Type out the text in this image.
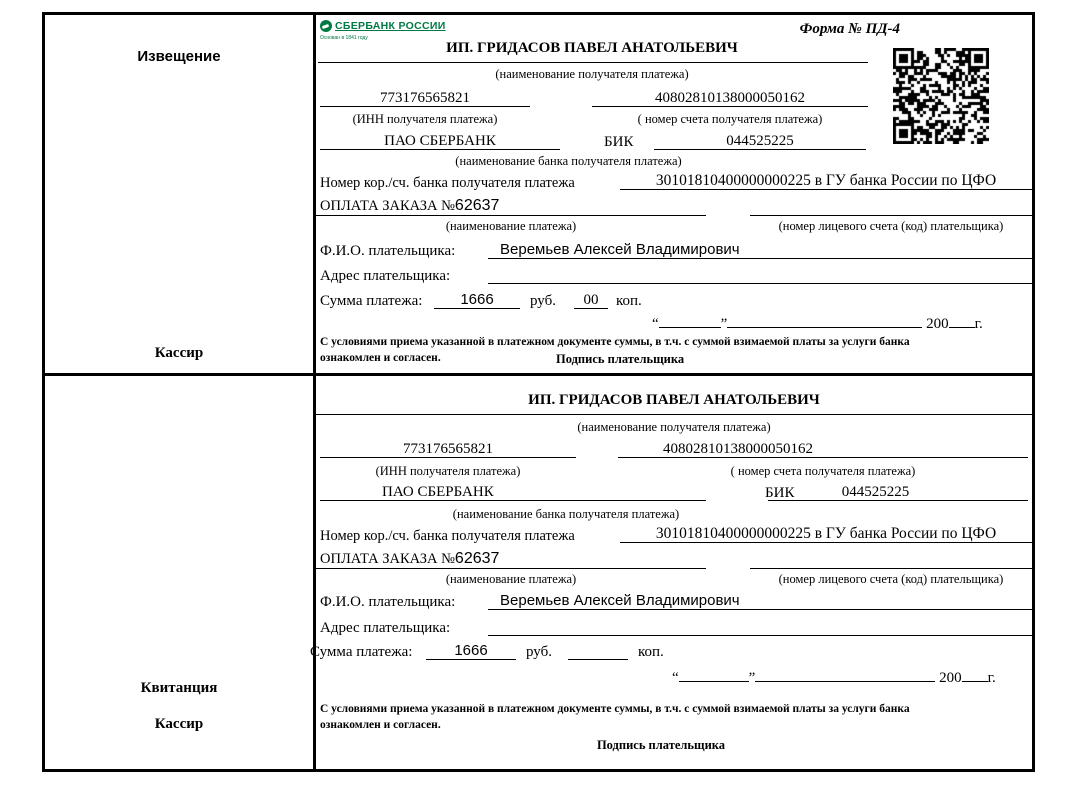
Извещение
Кассир
СБЕРБАНК РОССИИ
Основан в 1841 году
Форма № ПД-4
ИП. ГРИДАСОВ ПАВЕЛ АНАТОЛЬЕВИЧ
(наименование получателя платежа)
773176565821	40802810138000050162
(ИНН получателя платежа)	( номер счета получателя платежа)
ПАО СБЕРБАНК	БИК	044525225
(наименование банка получателя платежа)
Номер кор./сч. банка получателя платежа	30101810400000000225 в ГУ банка России по ЦФО
ОПЛАТА ЗАКАЗА №62637
(наименование платежа)	(номер лицевого счета (код) плательщика)
Ф.И.О. плательщика:	Веремьев Алексей Владимирович
Адрес плательщика:
Сумма платежа:	1666	руб.	00	коп.
“	”	200 г.
С условиями приема указанной в платежном документе суммы, в т.ч. с суммой взимаемой платы за услуги банка
ознакомлен и согласен.	Подпись плательщика
Квитанция
Кассир
ИП. ГРИДАСОВ ПАВЕЛ АНАТОЛЬЕВИЧ
(наименование получателя платежа)
773176565821	40802810138000050162
(ИНН получателя платежа)	( номер счета получателя платежа)
ПАО СБЕРБАНК	БИК	044525225
(наименование банка получателя платежа)
Номер кор./сч. банка получателя платежа	30101810400000000225 в ГУ банка России по ЦФО
ОПЛАТА ЗАКАЗА №62637
(наименование платежа)	(номер лицевого счета (код) плательщика)
Ф.И.О. плательщика:	Веремьев Алексей Владимирович
Адрес плательщика:
Сумма платежа:	1666	руб.	коп.
“	”	200 г.
С условиями приема указанной в платежном документе суммы, в т.ч. с суммой взимаемой платы за услуги банка
ознакомлен и согласен.
Подпись плательщика
